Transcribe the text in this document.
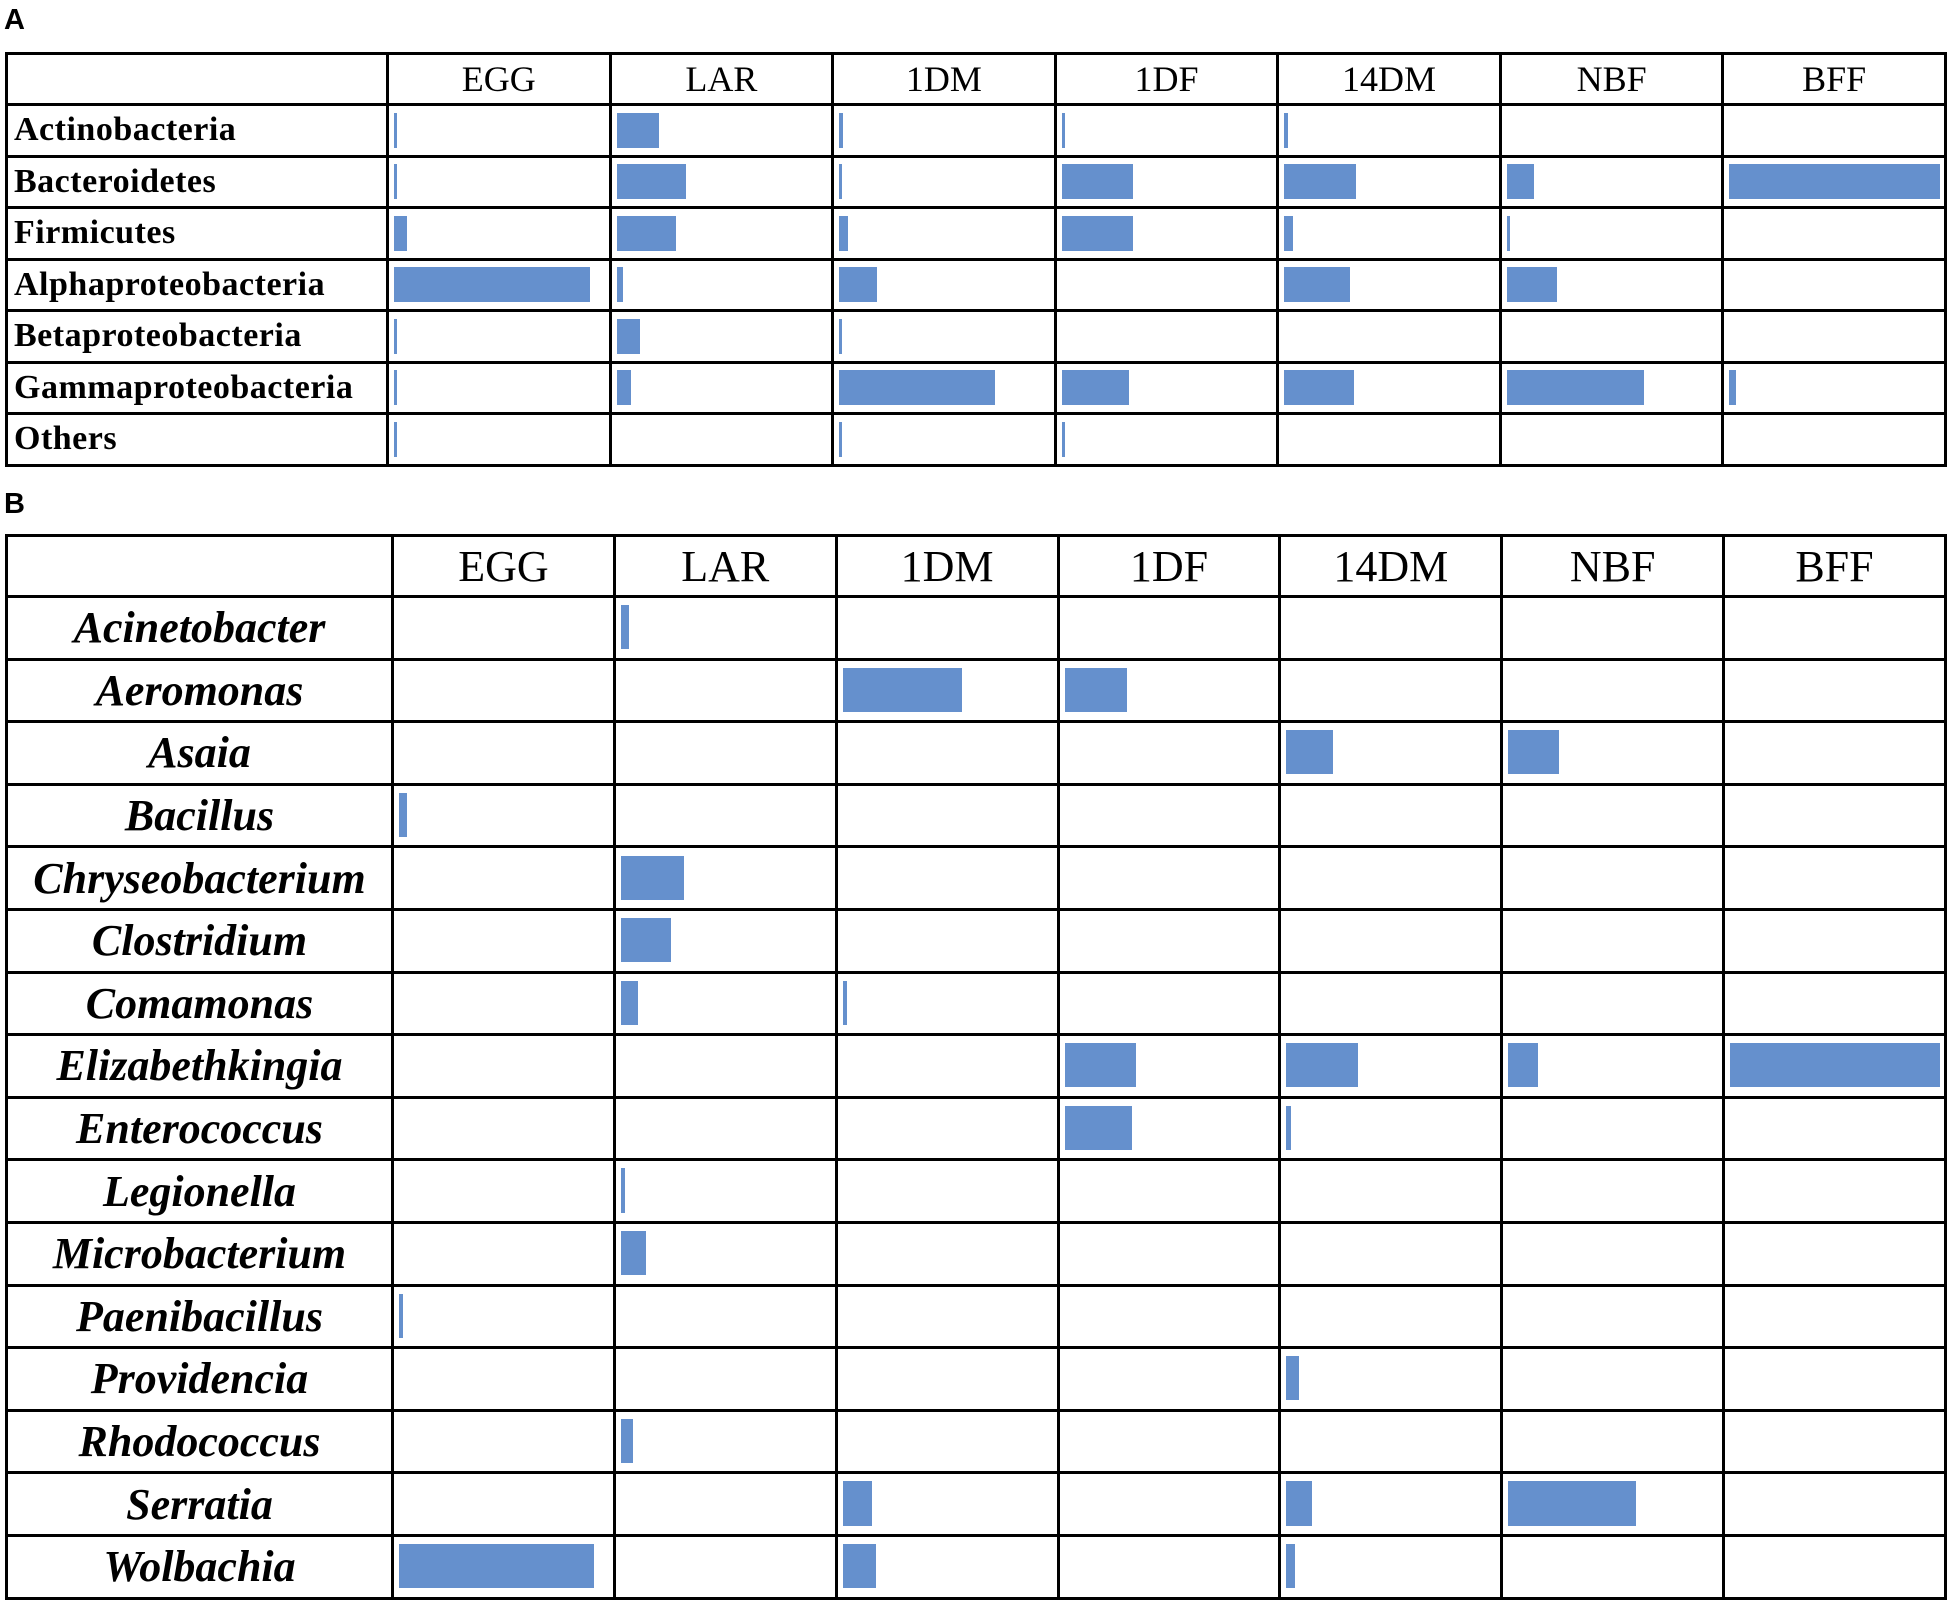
A
	EGG	LAR	1DM	1DF	14DM	NBF	BFF
Actinobacteria	

Bacteroidetes	

Firmicutes	

Alphaproteobacteria	

Betaproteobacteria	

Gammaproteobacteria	

Others	

B
	EGG	LAR	1DM	1DF	14DM	NBF	BFF
Acinetobacter		

Aeromonas			

Asaia					

Bacillus	

Chryseobacterium		

Clostridium		

Comamonas		

Elizabethkingia				

Enterococcus				

Legionella		

Microbacterium		

Paenibacillus	

Providencia					

Rhodococcus		

Serratia			

Wolbachia	
